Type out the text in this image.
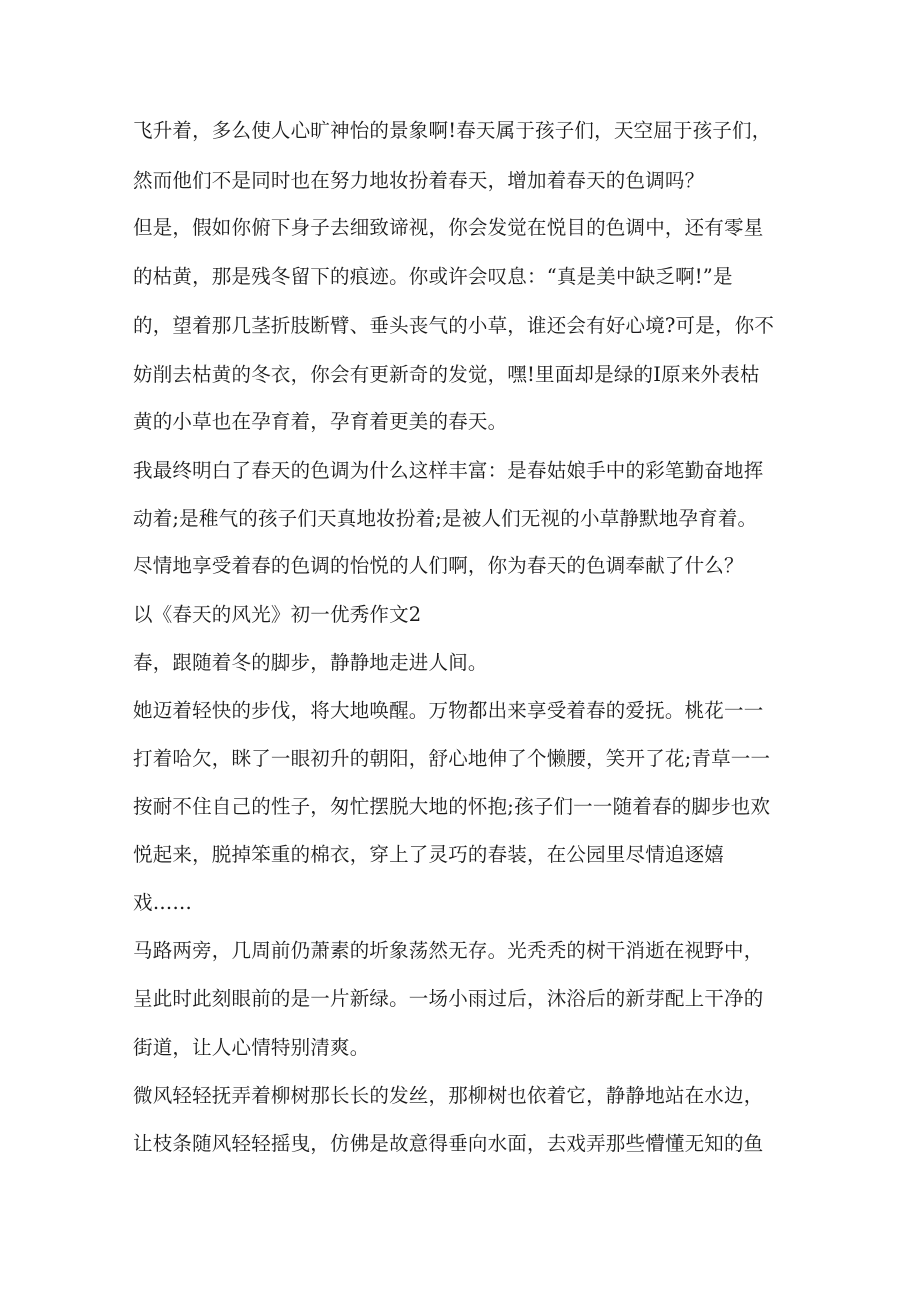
飞升着，多么使人心旷神怡的景象啊!春天属于孩子们，天空屈于孩子们，
然而他们不是同时也在努力地妆扮着春天，增加着春天的色调吗？
但是，假如你俯下身子去细致谛视，你会发觉在悦目的色调中，还有零星
的枯黄，那是残冬留下的痕迹。你或许会叹息：“真是美中缺乏啊!”是
的，望着那几茎折肢断臂、垂头丧气的小草，谁还会有好心境?可是，你不
妨削去枯黄的冬衣，你会有更新奇的发觉，嘿!里面却是绿的I原来外表枯
黄的小草也在孕育着，孕育着更美的春天。
我最终明白了春天的色调为什么这样丰富：是春姑娘手中的彩笔勤奋地挥
动着;是稚气的孩子们天真地妆扮着;是被人们无视的小草静默地孕育着。
尽情地享受着春的色调的怡悦的人们啊，你为春天的色调奉献了什么？
以《春天的风光》初一优秀作文2
春，跟随着冬的脚步，静静地走进人间。
她迈着轻快的步伐，将大地唤醒。万物都出来享受着春的爱抚。桃花一一
打着哈欠，眯了一眼初升的朝阳，舒心地伸了个懒腰，笑开了花;青草一一
按耐不住自己的性子，匆忙摆脱大地的怀抱;孩子们一一随着春的脚步也欢
悦起来，脱掉笨重的棉衣，穿上了灵巧的春装，在公园里尽情追逐嬉
戏……
马路两旁，几周前仍萧素的圻象荡然无存。光秃秃的树干消逝在视野中，
呈此时此刻眼前的是一片新绿。一场小雨过后，沐浴后的新芽配上干净的
街道，让人心情特别清爽。
微风轻轻抚弄着柳树那长长的发丝，那柳树也依着它，静静地站在水边，
让枝条随风轻轻摇曳，仿佛是故意得垂向水面，去戏弄那些懵懂无知的鱼
